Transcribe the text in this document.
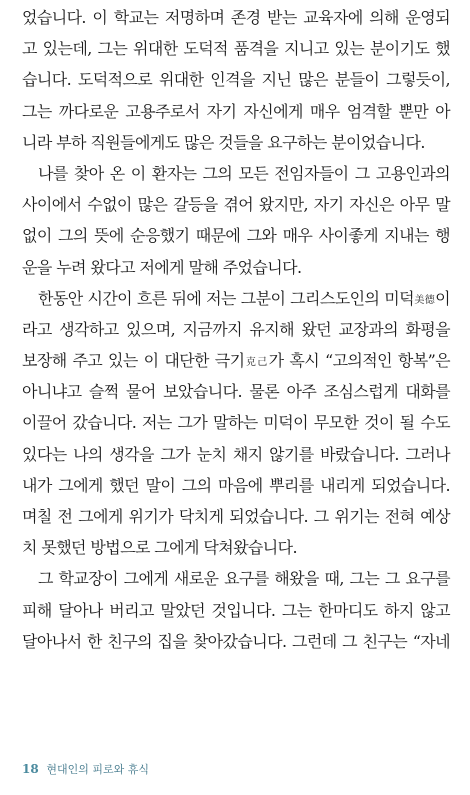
었습니다. 이 학교는 저명하며 존경 받는 교육자에 의해 운영되
고 있는데, 그는 위대한 도덕적 품격을 지니고 있는 분이기도 했
습니다. 도덕적으로 위대한 인격을 지닌 많은 분들이 그렇듯이,
그는 까다로운 고용주로서 자기 자신에게 매우 엄격할 뿐만 아
니라 부하 직원들에게도 많은 것들을 요구하는 분이었습니다.
나를 찾아 온 이 환자는 그의 모든 전임자들이 그 고용인과의
사이에서 수없이 많은 갈등을 겪어 왔지만, 자기 자신은 아무 말
없이 그의 뜻에 순응했기 때문에 그와 매우 사이좋게 지내는 행
운을 누려 왔다고 저에게 말해 주었습니다.
한동안 시간이 흐른 뒤에 저는 그분이 그리스도인의 미덕美德이
라고 생각하고 있으며, 지금까지 유지해 왔던 교장과의 화평을
보장해 주고 있는 이 대단한 극기克己가 혹시 “고의적인 항복”은
아니냐고 슬쩍 물어 보았습니다. 물론 아주 조심스럽게 대화를
이끌어 갔습니다. 저는 그가 말하는 미덕이 무모한 것이 될 수도
있다는 나의 생각을 그가 눈치 채지 않기를 바랐습니다. 그러나
내가 그에게 했던 말이 그의 마음에 뿌리를 내리게 되었습니다.
며칠 전 그에게 위기가 닥치게 되었습니다. 그 위기는 전혀 예상
치 못했던 방법으로 그에게 닥쳐왔습니다.
그 학교장이 그에게 새로운 요구를 해왔을 때, 그는 그 요구를
피해 달아나 버리고 말았던 것입니다. 그는 한마디도 하지 않고
달아나서 한 친구의 집을 찾아갔습니다. 그런데 그 친구는 “자네
18 현대인의 피로와 휴식
